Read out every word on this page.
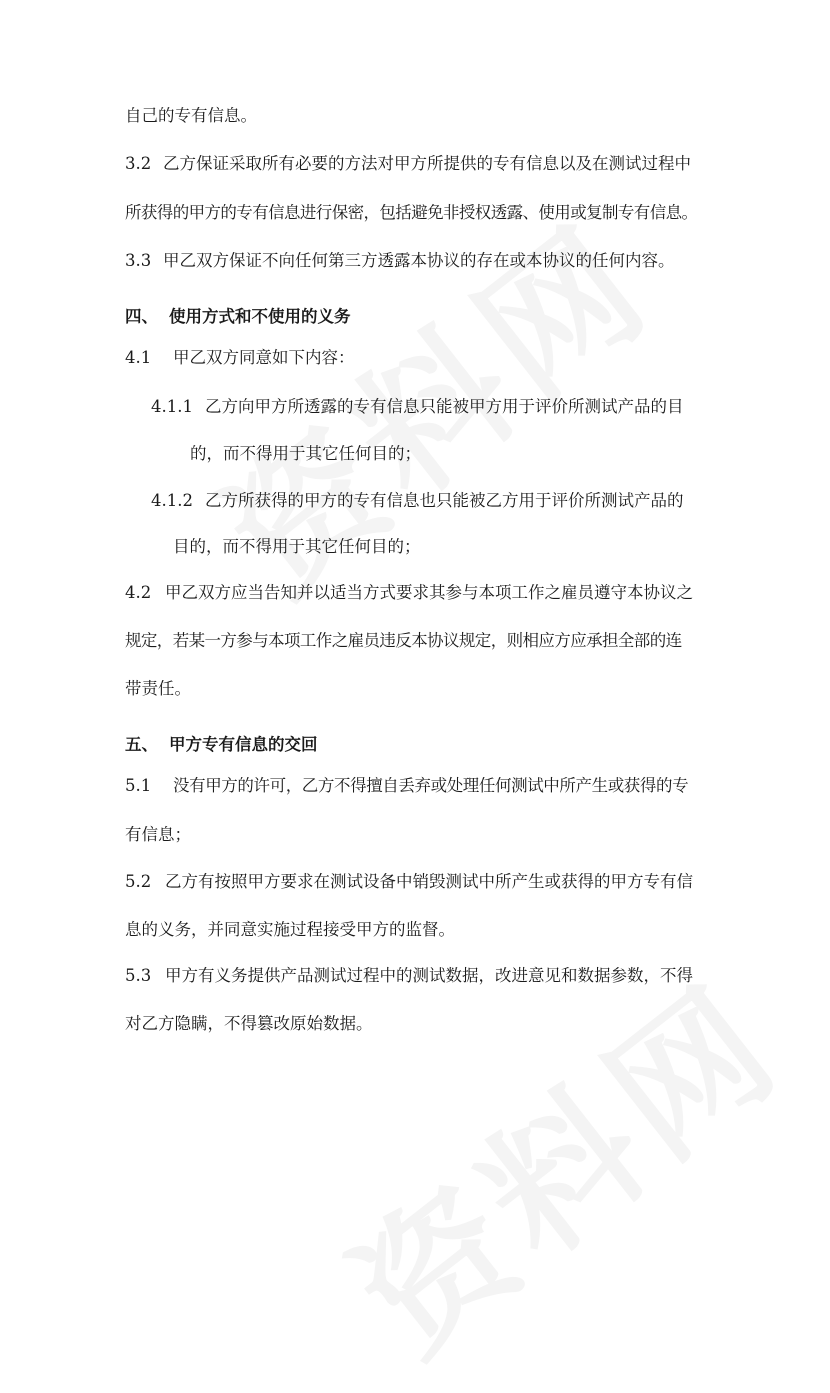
自己的专有信息。
3.2 乙方保证采取所有必要的方法对甲方所提供的专有信息以及在测试过程中
所获得的甲方的专有信息进行保密，包括避免非授权透露、使用或复制专有信息。
3.3 甲乙双方保证不向任何第三方透露本协议的存在或本协议的任何内容。
四、 使用方式和不使用的义务
4.1 甲乙双方同意如下内容：
4.1.1 乙方向甲方所透露的专有信息只能被甲方用于评价所测试产品的目
的，而不得用于其它任何目的；
4.1.2 乙方所获得的甲方的专有信息也只能被乙方用于评价所测试产品的
目的，而不得用于其它任何目的；
4.2 甲乙双方应当告知并以适当方式要求其参与本项工作之雇员遵守本协议之
规定，若某一方参与本项工作之雇员违反本协议规定，则相应方应承担全部的连
带责任。
五、 甲方专有信息的交回
5.1 没有甲方的许可，乙方不得擅自丢弃或处理任何测试中所产生或获得的专
有信息；
5.2 乙方有按照甲方要求在测试设备中销毁测试中所产生或获得的甲方专有信
息的义务，并同意实施过程接受甲方的监督。
5.3 甲方有义务提供产品测试过程中的测试数据，改进意见和数据参数，不得
对乙方隐瞒，不得篡改原始数据。
